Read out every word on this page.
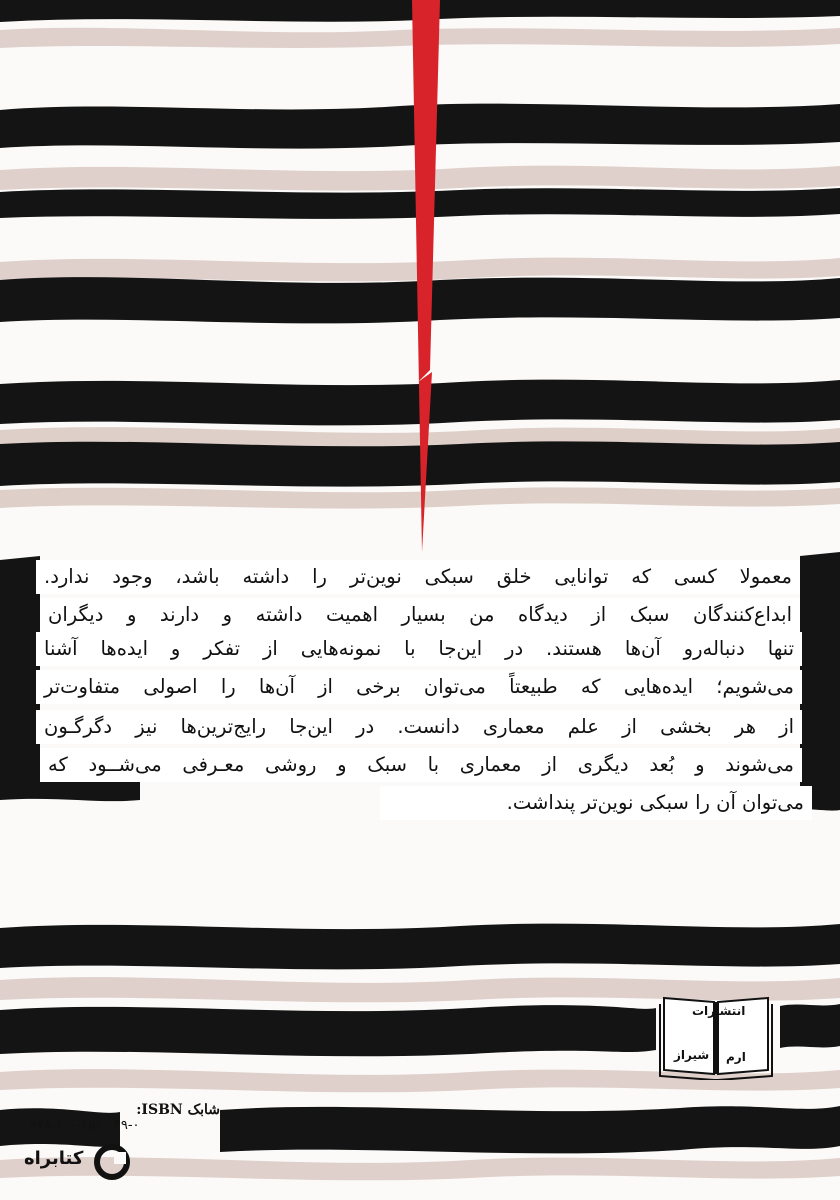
معمولا کسی که توانایی خلق سبکی نوین‌تر را داشته باشد، وجود ندارد.
ابداع‌کنندگان سبک از دیدگاه من بسیار اهمیت داشته و دارند و دیگران
تنها دنباله‌رو آن‌ها هستند. در این‌جا با نمونه‌هایی از تفکر و ایده‌ها آشنا
می‌شویم؛ ایده‌هایی که طبیعتاً می‌توان برخی از آن‌ها را اصولی متفاوت‌تر
از هر بخشی از علم معماری دانست. در این‌جا رایج‌ترین‌ها نیز دگرگـون
می‌شوند و بُعد دیگری از معماری با سبک و روشی معـرفی می‌شــود که
می‌توان آن را سبکی نوین‌تر پنداشت.
انتشارات
ارم
شیراز
شابک ISBN:
۹۷۸-۶۰۰-۴۵۴-۰۴۹-۰
کتابراه
